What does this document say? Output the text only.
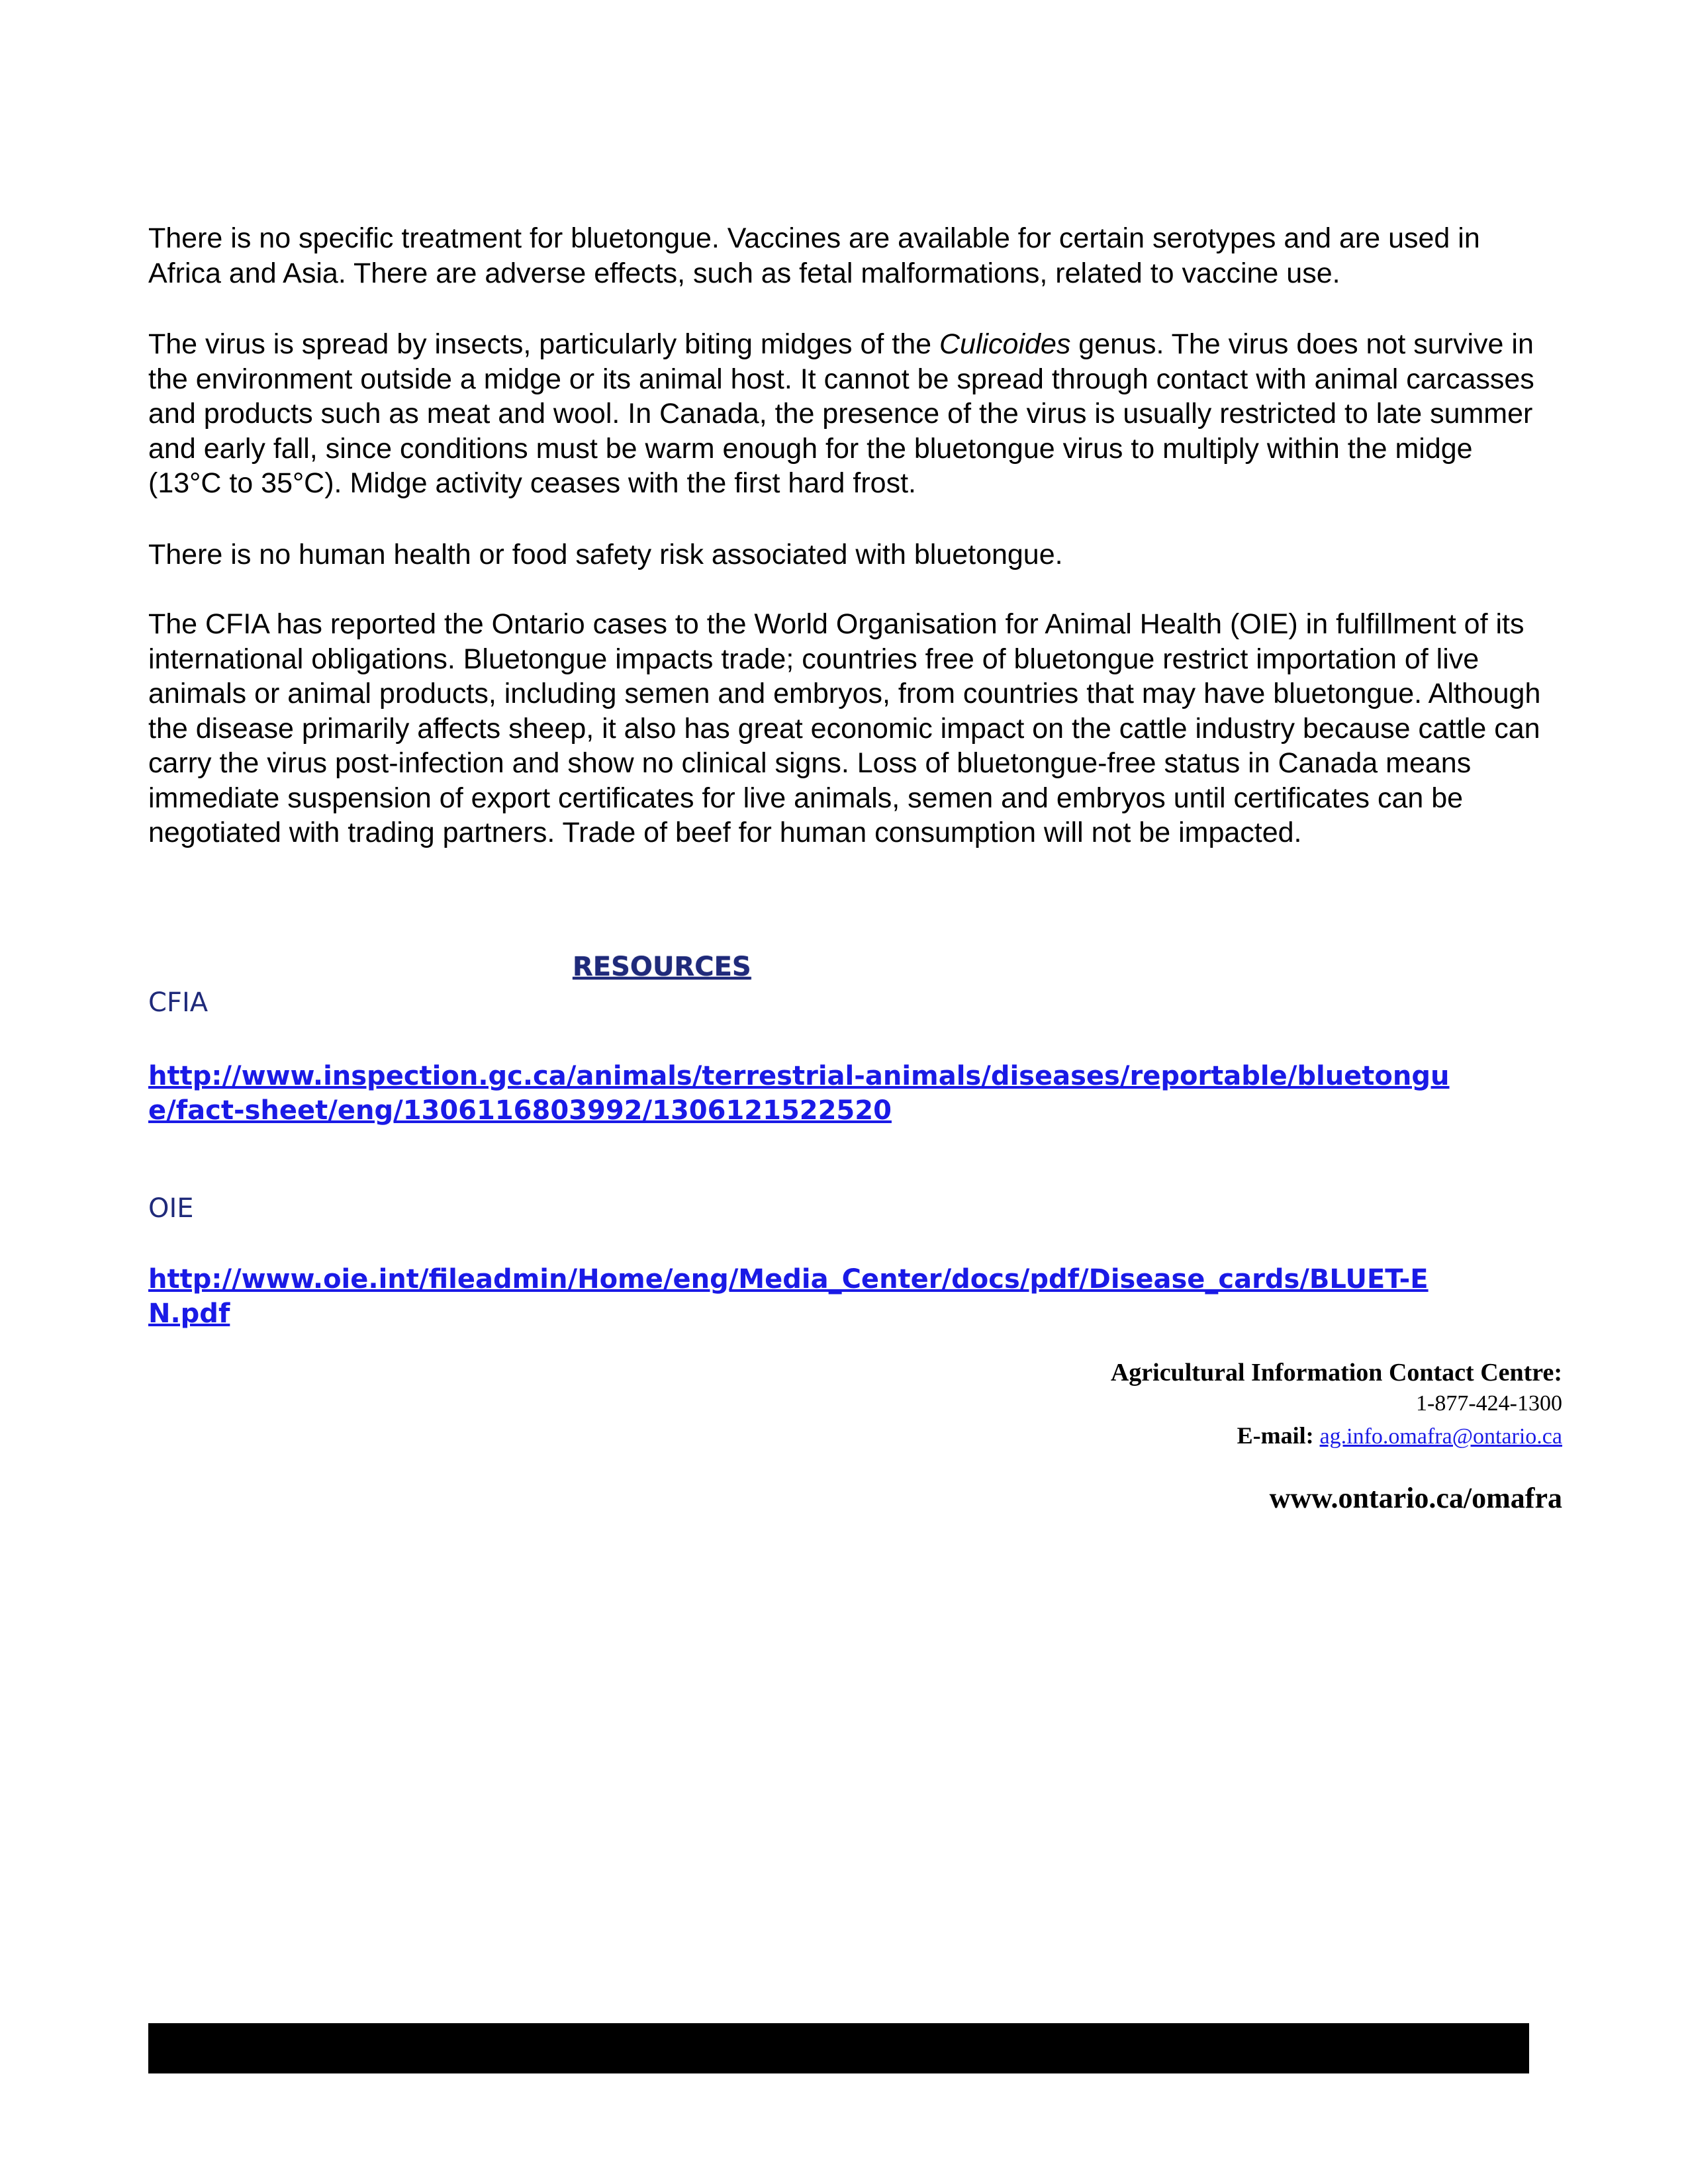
There is no specific treatment for bluetongue. Vaccines are available for certain serotypes and are used in Africa and Asia. There are adverse effects, such as fetal malformations, related to vaccine use.

The virus is spread by insects, particularly biting midges of the Culicoides genus. The virus does not survive in the environment outside a midge or its animal host. It cannot be spread through contact with animal carcasses and products such as meat and wool. In Canada, the presence of the virus is usually restricted to late summer and early fall, since conditions must be warm enough for the bluetongue virus to multiply within the midge (13°C to 35°C). Midge activity ceases with the first hard frost.

There is no human health or food safety risk associated with bluetongue.

The CFIA has reported the Ontario cases to the World Organisation for Animal Health (OIE) in fulfillment of its international obligations. Bluetongue impacts trade; countries free of bluetongue restrict importation of live animals or animal products, including semen and embryos, from countries that may have bluetongue. Although the disease primarily affects sheep, it also has great economic impact on the cattle industry because cattle can carry the virus post-infection and show no clinical signs. Loss of bluetongue-free status in Canada means immediate suspension of export certificates for live animals, semen and embryos until certificates can be negotiated with trading partners. Trade of beef for human consumption will not be impacted.

RESOURCES

CFIA

http://www.inspection.gc.ca/animals/terrestrial-animals/diseases/reportable/bluetongue/fact-sheet/eng/1306116803992/1306121522520

OIE

http://www.oie.int/fileadmin/Home/eng/Media_Center/docs/pdf/Disease_cards/BLUET-EN.pdf

Agricultural Information Contact Centre:

1-877-424-1300

E-mail: ag.info.omafra@ontario.ca

www.ontario.ca/omafra
